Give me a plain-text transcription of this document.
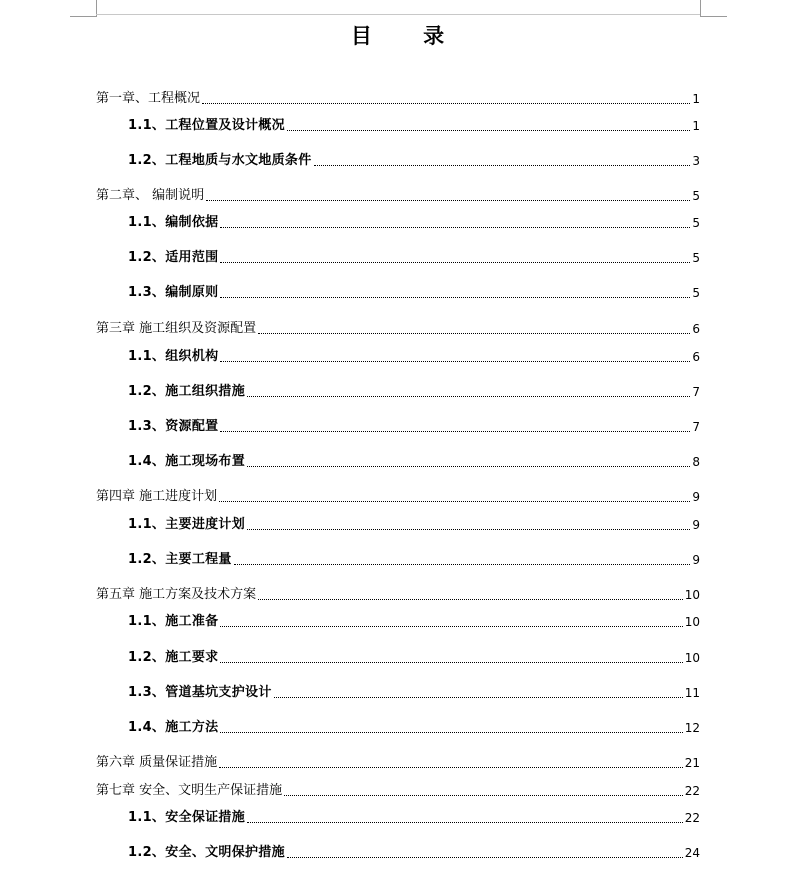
目 录
第一章、工程概况	1
1.1、工程位置及设计概况	1
1.2、工程地质与水文地质条件	3
第二章、 编制说明	5
1.1、编制依据	5
1.2、适用范围	5
1.3、编制原则	5
第三章 施工组织及资源配置	6
1.1、组织机构	6
1.2、施工组织措施	7
1.3、资源配置	7
1.4、施工现场布置	8
第四章 施工进度计划	9
1.1、主要进度计划	9
1.2、主要工程量	9
第五章 施工方案及技术方案	10
1.1、施工准备	10
1.2、施工要求	10
1.3、管道基坑支护设计	11
1.4、施工方法	12
第六章 质量保证措施	21
第七章 安全、文明生产保证措施	22
1.1、安全保证措施	22
1.2、安全、文明保护措施	24
